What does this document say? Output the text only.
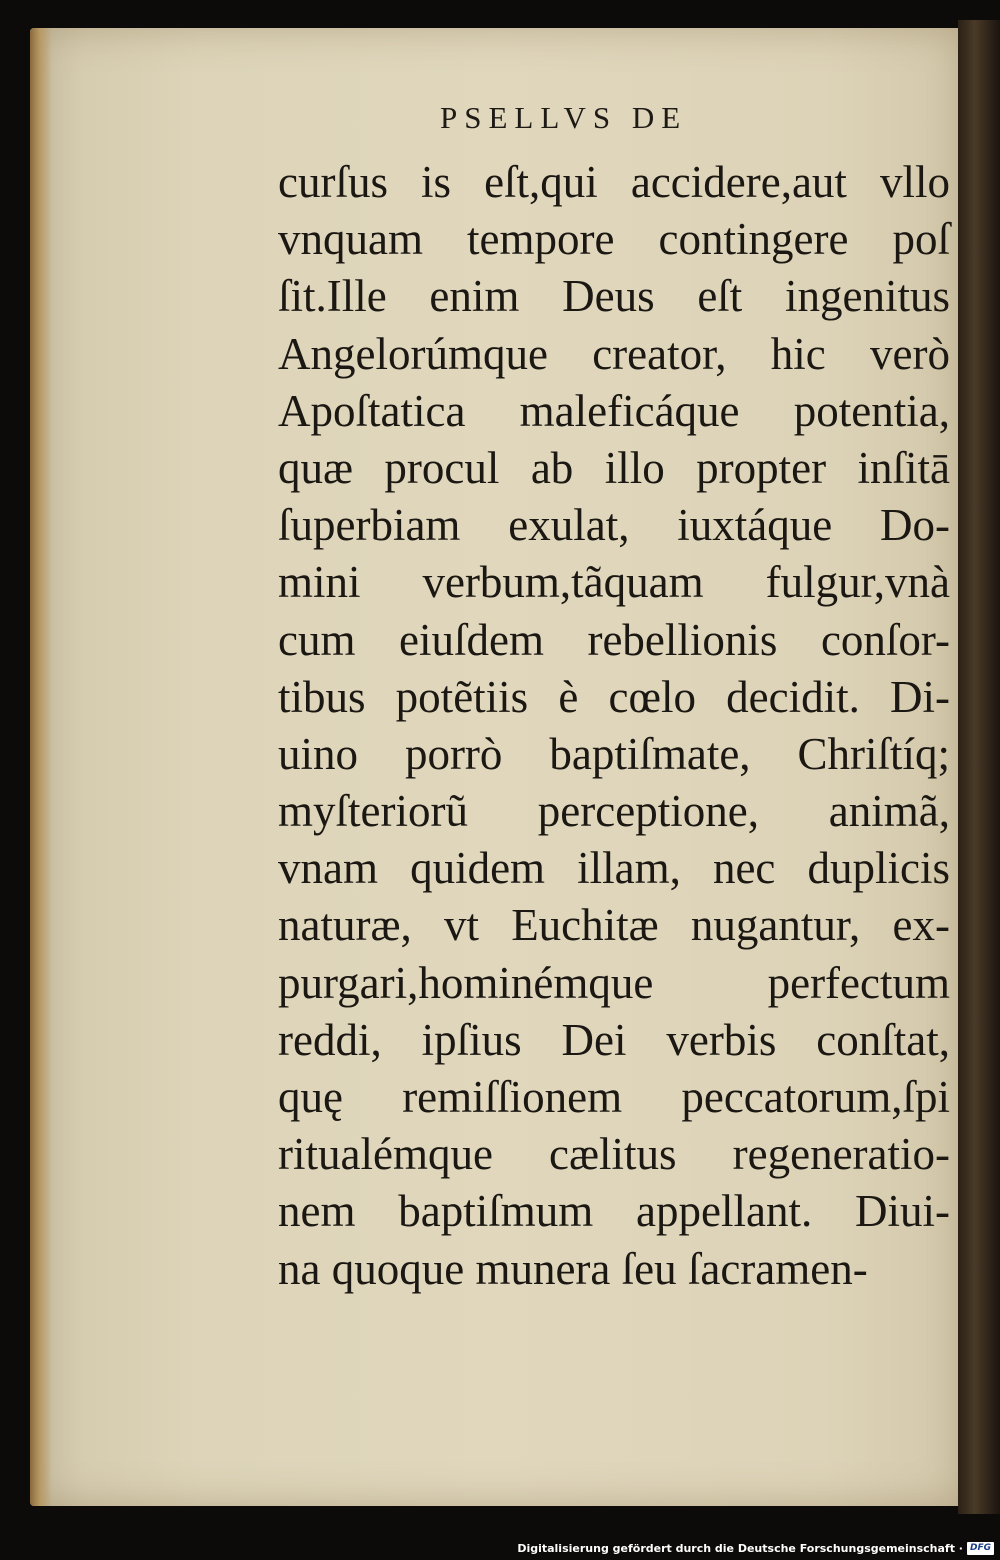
PSELLVS DE
curſus is eſt,qui accidere,aut vllo
vnquam tempore contingere poſ
ſit.Ille enim Deus eſt ingenitus
Angelorúmque creator, hic verò
Apoſtatica maleficáque potentia,
quæ procul ab illo propter inſitā
ſuperbiam exulat, iuxtáque Do-
mini verbum,tãquam fulgur,vnà
cum eiuſdem rebellionis conſor-
tibus potẽtiis è cœlo decidit. Di-
uino porrò baptiſmate, Chriſtíq;
myſteriorũ perceptione, animã,
vnam quidem illam, nec duplicis
naturæ, vt Euchitæ nugantur, ex-
purgari,hominémque perfectum
reddi, ipſius Dei verbis conſtat,
quę remiſſionem peccatorum,ſpi
ritualémque cælitus regeneratio-
nem baptiſmum appellant. Diui-
na quoque munera ſeu ſacramen-
Digitalisierung gefördert durch die Deutsche Forschungsgemeinschaft · DFG
